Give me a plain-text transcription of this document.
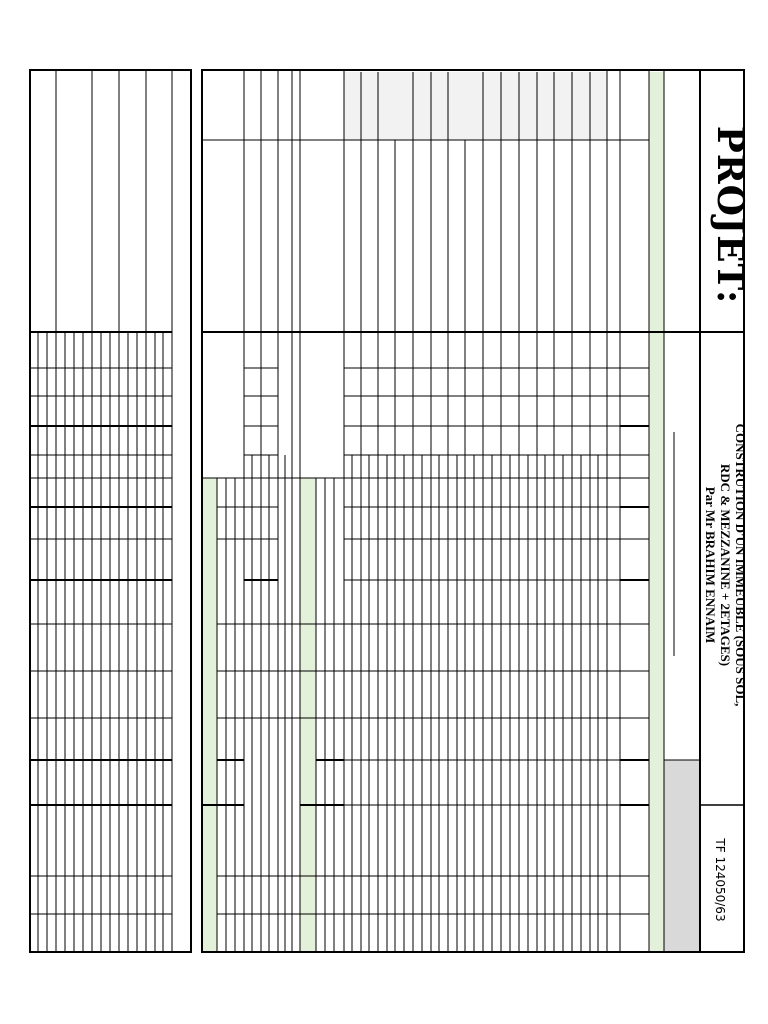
PROJET:
CONSTRUTION D'UN IMMEUBLE (SOUS SOL,
RDC & MEZZANINE + 2ETAGES)
Par Mr BRAHIM ENNAIM
TF 124050/63
